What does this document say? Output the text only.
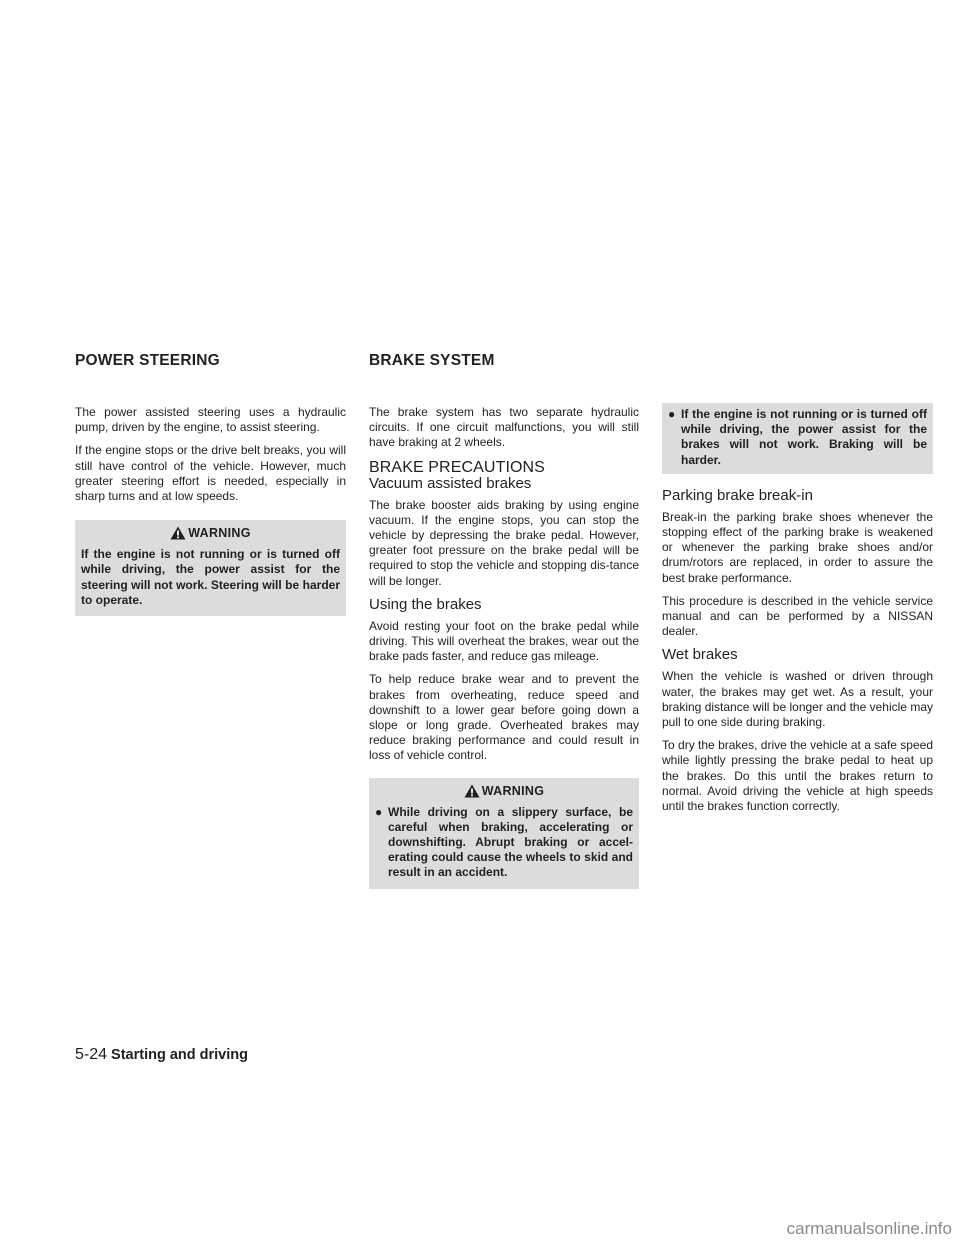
POWER STEERING	BRAKE SYSTEM

The power assisted steering uses a hydraulic pump, driven by the engine, to assist steering.

If the engine stops or the drive belt breaks, you will still have control of the vehicle. However, much greater steering effort is needed, especially in sharp turns and at low speeds.

WARNING
If the engine is not running or is turned off while driving, the power assist for the steering will not work. Steering will be harder to operate.

The brake system has two separate hydraulic circuits. If one circuit malfunctions, you will still have braking at 2 wheels.

BRAKE PRECAUTIONS
Vacuum assisted brakes

The brake booster aids braking by using engine vacuum. If the engine stops, you can stop the vehicle by depressing the brake pedal. However, greater foot pressure on the brake pedal will be required to stop the vehicle and stopping dis-tance will be longer.

Using the brakes

Avoid resting your foot on the brake pedal while driving. This will overheat the brakes, wear out the brake pads faster, and reduce gas mileage.

To help reduce brake wear and to prevent the brakes from overheating, reduce speed and downshift to a lower gear before going down a slope or long grade. Overheated brakes may reduce braking performance and could result in loss of vehicle control.

WARNING
● While driving on a slippery surface, be careful when braking, accelerating or downshifting. Abrupt braking or accel-erating could cause the wheels to skid and result in an accident.
● If the engine is not running or is turned off while driving, the power assist for the brakes will not work. Braking will be harder.
Parking brake break-in

Break-in the parking brake shoes whenever the stopping effect of the parking brake is weakened or whenever the parking brake shoes and/or drum/rotors are replaced, in order to assure the best brake performance.

This procedure is described in the vehicle service manual and can be performed by a NISSAN dealer.

Wet brakes

When the vehicle is washed or driven through water, the brakes may get wet. As a result, your braking distance will be longer and the vehicle may pull to one side during braking.

To dry the brakes, drive the vehicle at a safe speed while lightly pressing the brake pedal to heat up the brakes. Do this until the brakes return to normal. Avoid driving the vehicle at high speeds until the brakes function correctly.

5-24 Starting and driving
carmanualsonline.info
